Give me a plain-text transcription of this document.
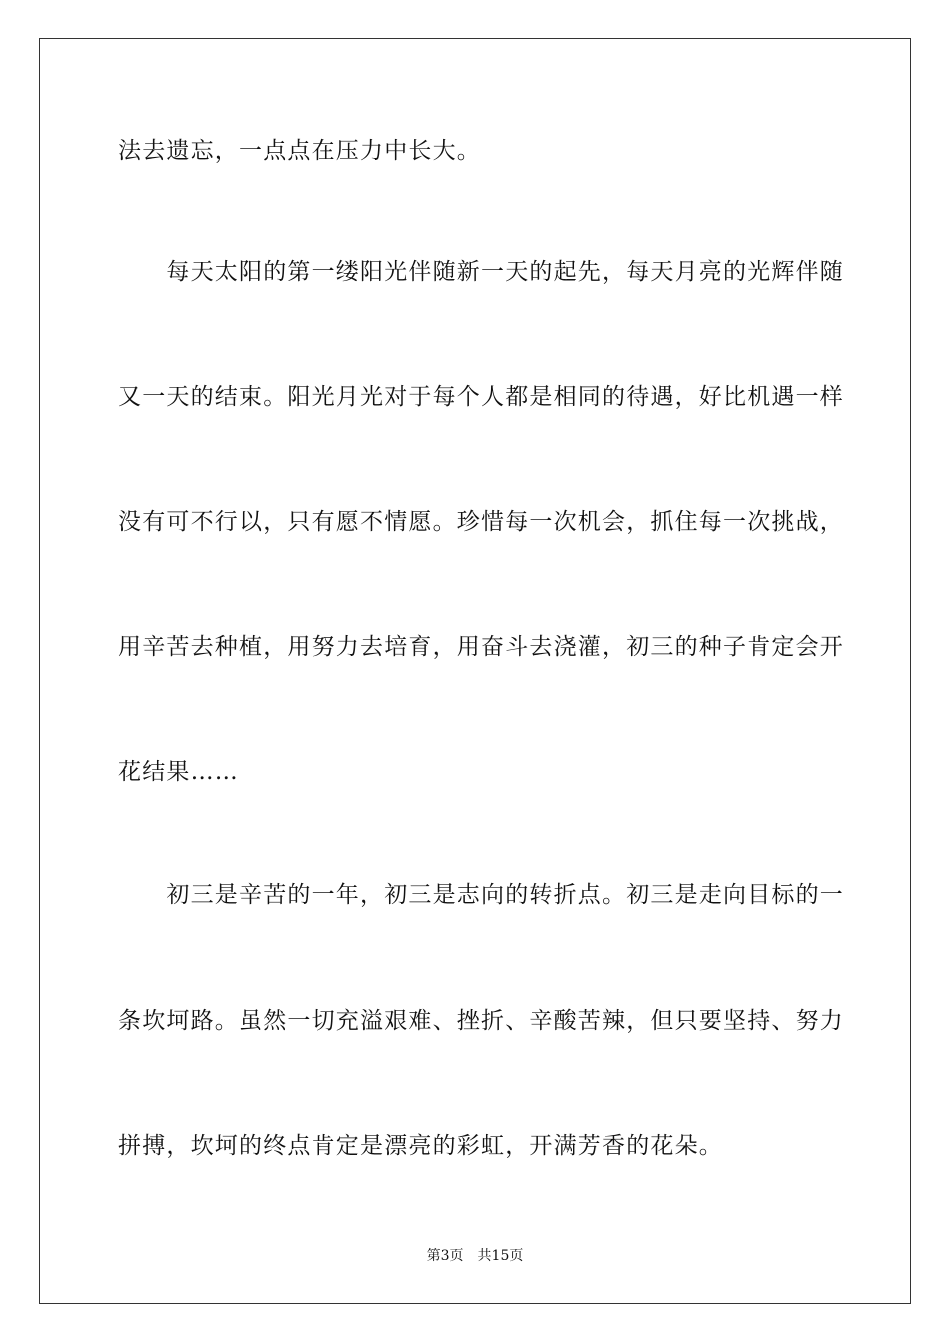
法去遗忘，一点点在压力中长大。
　　每天太阳的第一缕阳光伴随新一天的起先，每天月亮的光辉伴随
又一天的结束。阳光月光对于每个人都是相同的待遇，好比机遇一样
没有可不行以，只有愿不情愿。珍惜每一次机会，抓住每一次挑战，
用辛苦去种植，用努力去培育，用奋斗去浇灌，初三的种子肯定会开
花结果……
　　初三是辛苦的一年，初三是志向的转折点。初三是走向目标的一
条坎坷路。虽然一切充溢艰难、挫折、辛酸苦辣，但只要坚持、努力
拼搏，坎坷的终点肯定是漂亮的彩虹，开满芳香的花朵。
第3页　共15页
